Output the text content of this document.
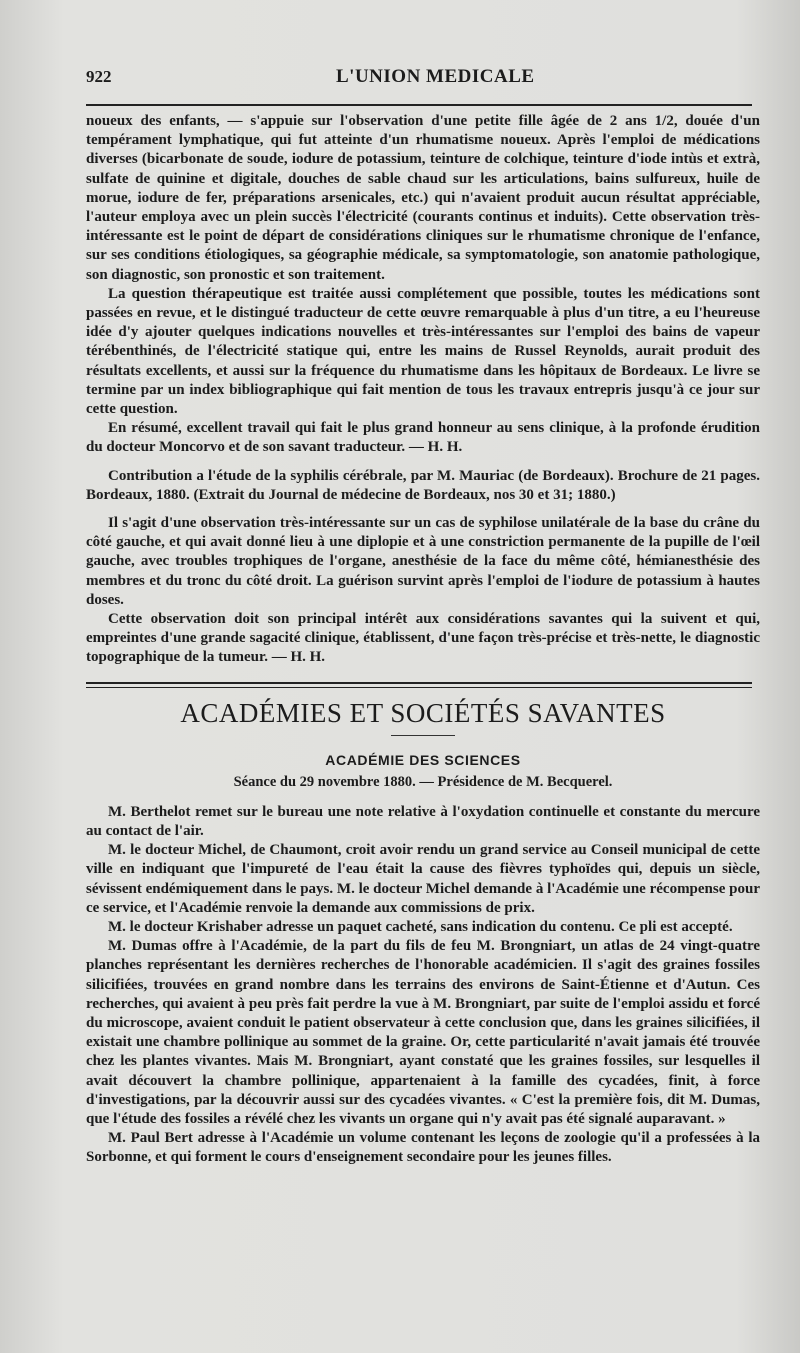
922	L'UNION MEDICALE

noueux des enfants, — s'appuie sur l'observation d'une petite fille âgée de 2 ans 1/2, douée d'un tempérament lymphatique, qui fut atteinte d'un rhumatisme noueux. Après l'emploi de médications diverses (bicarbonate de soude, iodure de potassium, teinture de colchique, teinture d'iode intùs et extrà, sulfate de quinine et digitale, douches de sable chaud sur les articulations, bains sulfureux, huile de morue, iodure de fer, préparations arsenicales, etc.) qui n'avaient produit aucun résultat appréciable, l'auteur employa avec un plein succès l'électricité (courants continus et induits). Cette observation très-intéressante est le point de départ de considérations cliniques sur le rhumatisme chronique de l'enfance, sur ses conditions étiologiques, sa géographie médicale, sa symptomatologie, son anatomie pathologique, son diagnostic, son pronostic et son traitement.

La question thérapeutique est traitée aussi complétement que possible, toutes les médications sont passées en revue, et le distingué traducteur de cette œuvre remarquable à plus d'un titre, a eu l'heureuse idée d'y ajouter quelques indications nouvelles et très-intéressantes sur l'emploi des bains de vapeur térébenthinés, de l'électricité statique qui, entre les mains de Russel Reynolds, aurait produit des résultats excellents, et aussi sur la fréquence du rhumatisme dans les hôpitaux de Bordeaux. Le livre se termine par un index bibliographique qui fait mention de tous les travaux entrepris jusqu'à ce jour sur cette question.

En résumé, excellent travail qui fait le plus grand honneur au sens clinique, à la profonde érudition du docteur Moncorvo et de son savant traducteur. — H. H.

Contribution a l'étude de la syphilis cérébrale, par M. Mauriac (de Bordeaux). Brochure de 21 pages. Bordeaux, 1880. (Extrait du Journal de médecine de Bordeaux, nos 30 et 31; 1880.)

Il s'agit d'une observation très-intéressante sur un cas de syphilose unilatérale de la base du crâne du côté gauche, et qui avait donné lieu à une diplopie et à une constriction permanente de la pupille de l'œil gauche, avec troubles trophiques de l'organe, anesthésie de la face du même côté, hémianesthésie des membres et du tronc du côté droit. La guérison survint après l'emploi de l'iodure de potassium à hautes doses.

Cette observation doit son principal intérêt aux considérations savantes qui la suivent et qui, empreintes d'une grande sagacité clinique, établissent, d'une façon très-précise et très-nette, le diagnostic topographique de la tumeur. — H. H.

ACADÉMIES ET SOCIÉTÉS SAVANTES
ACADÉMIE DES SCIENCES
Séance du 29 novembre 1880. — Présidence de M. Becquerel.

M. Berthelot remet sur le bureau une note relative à l'oxydation continuelle et constante du mercure au contact de l'air.

M. le docteur Michel, de Chaumont, croit avoir rendu un grand service au Conseil municipal de cette ville en indiquant que l'impureté de l'eau était la cause des fièvres typhoïdes qui, depuis un siècle, sévissent endémiquement dans le pays. M. le docteur Michel demande à l'Académie une récompense pour ce service, et l'Académie renvoie la demande aux commissions de prix.

M. le docteur Krishaber adresse un paquet cacheté, sans indication du contenu. Ce pli est accepté.

M. Dumas offre à l'Académie, de la part du fils de feu M. Brongniart, un atlas de 24 vingt-quatre planches représentant les dernières recherches de l'honorable académicien. Il s'agit des graines fossiles silicifiées, trouvées en grand nombre dans les terrains des environs de Saint-Étienne et d'Autun. Ces recherches, qui avaient à peu près fait perdre la vue à M. Brongniart, par suite de l'emploi assidu et forcé du microscope, avaient conduit le patient observateur à cette conclusion que, dans les graines silicifiées, il existait une chambre pollinique au sommet de la graine. Or, cette particularité n'avait jamais été trouvée chez les plantes vivantes. Mais M. Brongniart, ayant constaté que les graines fossiles, sur lesquelles il avait découvert la chambre pollinique, appartenaient à la famille des cycadées, finit, à force d'investigations, par la découvrir aussi sur des cycadées vivantes. « C'est la première fois, dit M. Dumas, que l'étude des fossiles a révélé chez les vivants un organe qui n'y avait pas été signalé auparavant. »

M. Paul Bert adresse à l'Académie un volume contenant les leçons de zoologie qu'il a professées à la Sorbonne, et qui forment le cours d'enseignement secondaire pour les jeunes filles.
